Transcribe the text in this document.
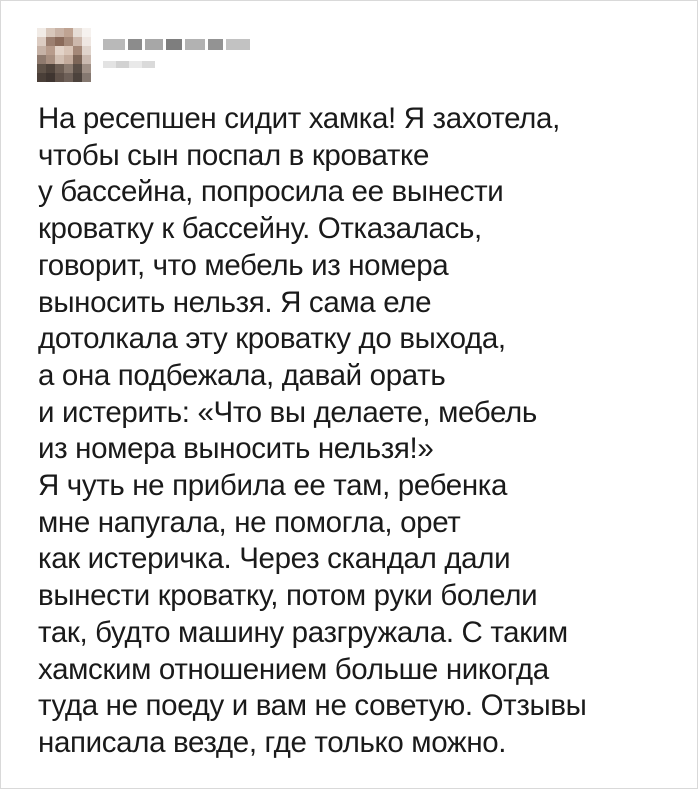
На ресепшен сидит хамка! Я захотела,
чтобы сын поспал в кроватке
у бассейна, попросила ее вынести
кроватку к бассейну. Отказалась,
говорит, что мебель из номера
выносить нельзя. Я сама еле
дотолкала эту кроватку до выхода,
а она подбежала, давай орать
и истерить: «Что вы делаете, мебель
из номера выносить нельзя!»
Я чуть не прибила ее там, ребенка
мне напугала, не помогла, орет
как истеричка. Через скандал дали
вынести кроватку, потом руки болели
так, будто машину разгружала. С таким
хамским отношением больше никогда
туда не поеду и вам не советую. Отзывы
написала везде, где только можно.
